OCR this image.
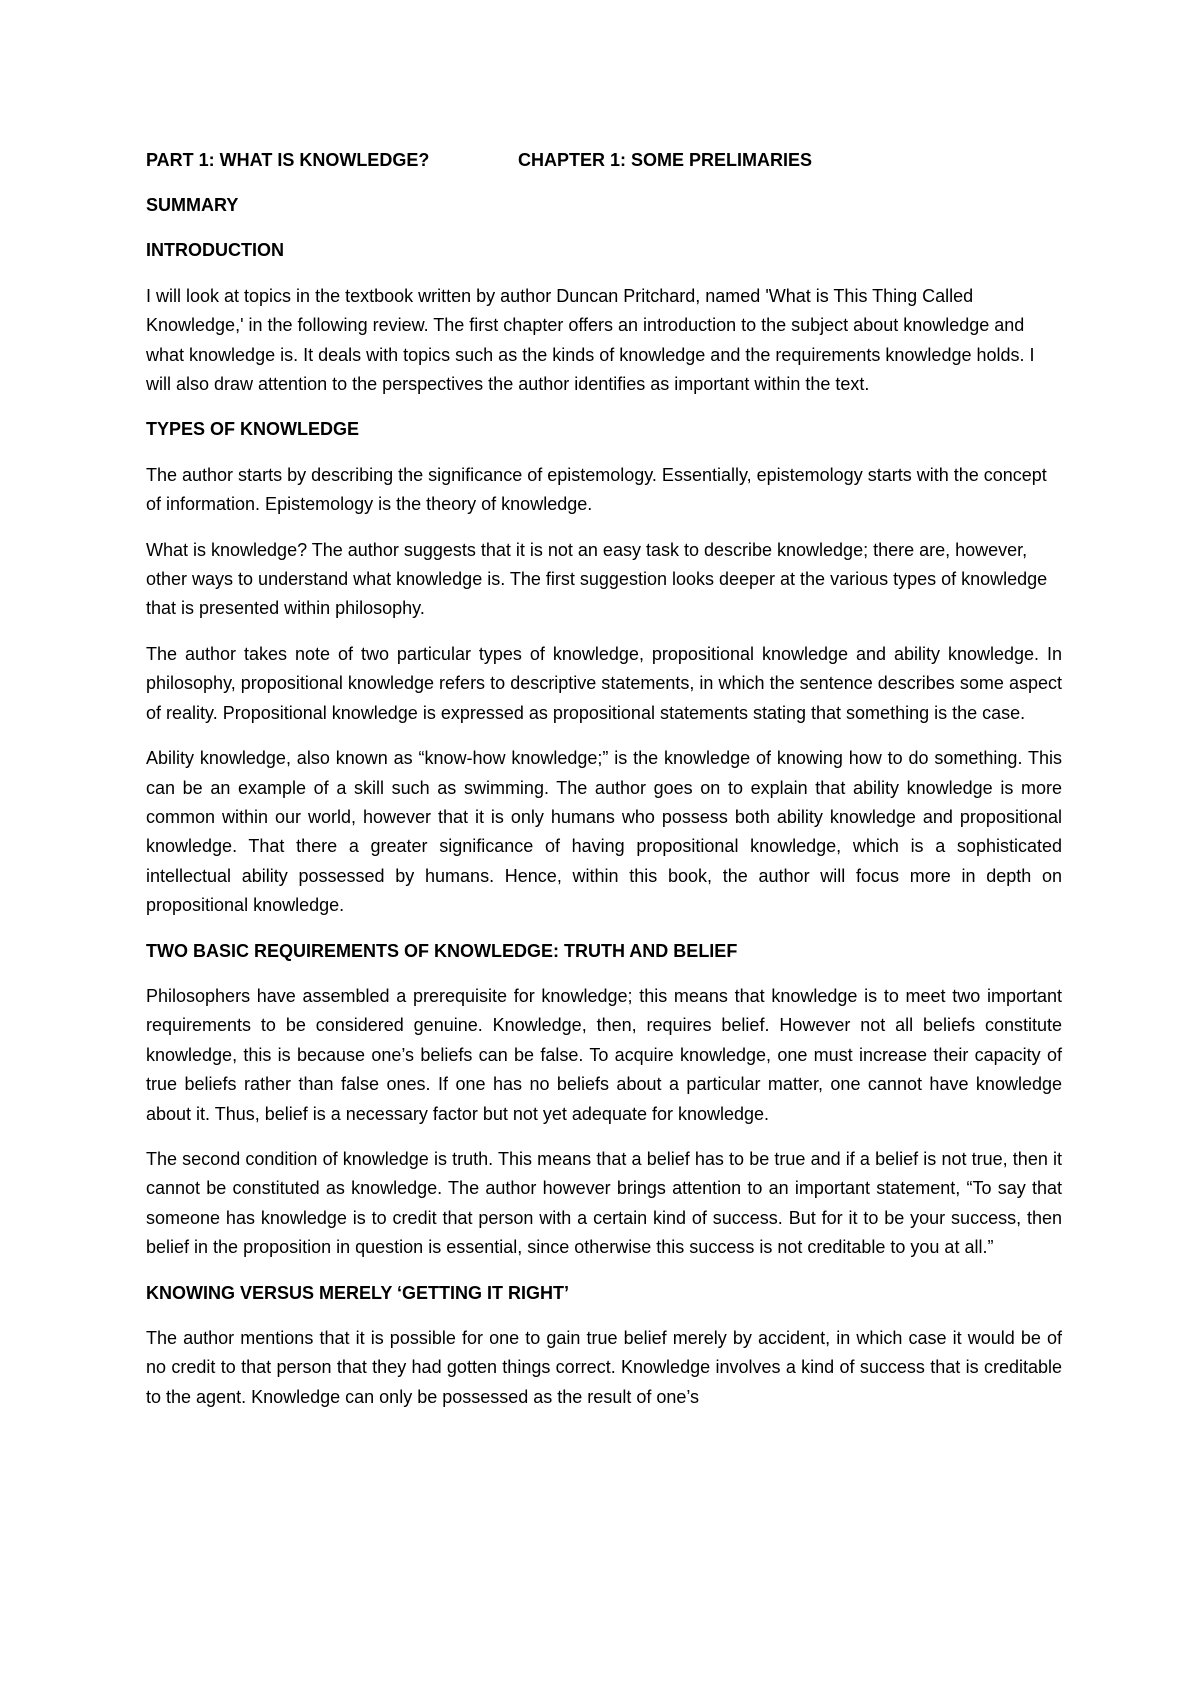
PART 1: WHAT IS KNOWLEDGE?	CHAPTER 1: SOME PRELIMARIES
SUMMARY
INTRODUCTION

I will look at topics in the textbook written by author Duncan Pritchard, named 'What is This Thing Called Knowledge,' in the following review. The first chapter offers an introduction to the subject about knowledge and what knowledge is. It deals with topics such as the kinds of knowledge and the requirements knowledge holds. I will also draw attention to the perspectives the author identifies as important within the text.

TYPES OF KNOWLEDGE

The author starts by describing the significance of epistemology. Essentially, epistemology starts with the concept of information. Epistemology is the theory of knowledge.

What is knowledge? The author suggests that it is not an easy task to describe knowledge; there are, however, other ways to understand what knowledge is. The first suggestion looks deeper at the various types of knowledge that is presented within philosophy.

The author takes note of two particular types of knowledge, propositional knowledge and ability knowledge. In philosophy, propositional knowledge refers to descriptive statements, in which the sentence describes some aspect of reality. Propositional knowledge is expressed as propositional statements stating that something is the case.

Ability knowledge, also known as “know-how knowledge;” is the knowledge of knowing how to do something. This can be an example of a skill such as swimming. The author goes on to explain that ability knowledge is more common within our world, however that it is only humans who possess both ability knowledge and propositional knowledge. That there a greater significance of having propositional knowledge, which is a sophisticated intellectual ability possessed by humans. Hence, within this book, the author will focus more in depth on propositional knowledge.

TWO BASIC REQUIREMENTS OF KNOWLEDGE: TRUTH AND BELIEF

Philosophers have assembled a prerequisite for knowledge; this means that knowledge is to meet two important requirements to be considered genuine. Knowledge, then, requires belief. However not all beliefs constitute knowledge, this is because one’s beliefs can be false. To acquire knowledge, one must increase their capacity of true beliefs rather than false ones. If one has no beliefs about a particular matter, one cannot have knowledge about it. Thus, belief is a necessary factor but not yet adequate for knowledge.

The second condition of knowledge is truth. This means that a belief has to be true and if a belief is not true, then it cannot be constituted as knowledge. The author however brings attention to an important statement, “To say that someone has knowledge is to credit that person with a certain kind of success. But for it to be your success, then belief in the proposition in question is essential, since otherwise this success is not creditable to you at all.”

KNOWING VERSUS MERELY ‘GETTING IT RIGHT’

The author mentions that it is possible for one to gain true belief merely by accident, in which case it would be of no credit to that person that they had gotten things correct. Knowledge involves a kind of success that is creditable to the agent. Knowledge can only be possessed as the result of one’s
